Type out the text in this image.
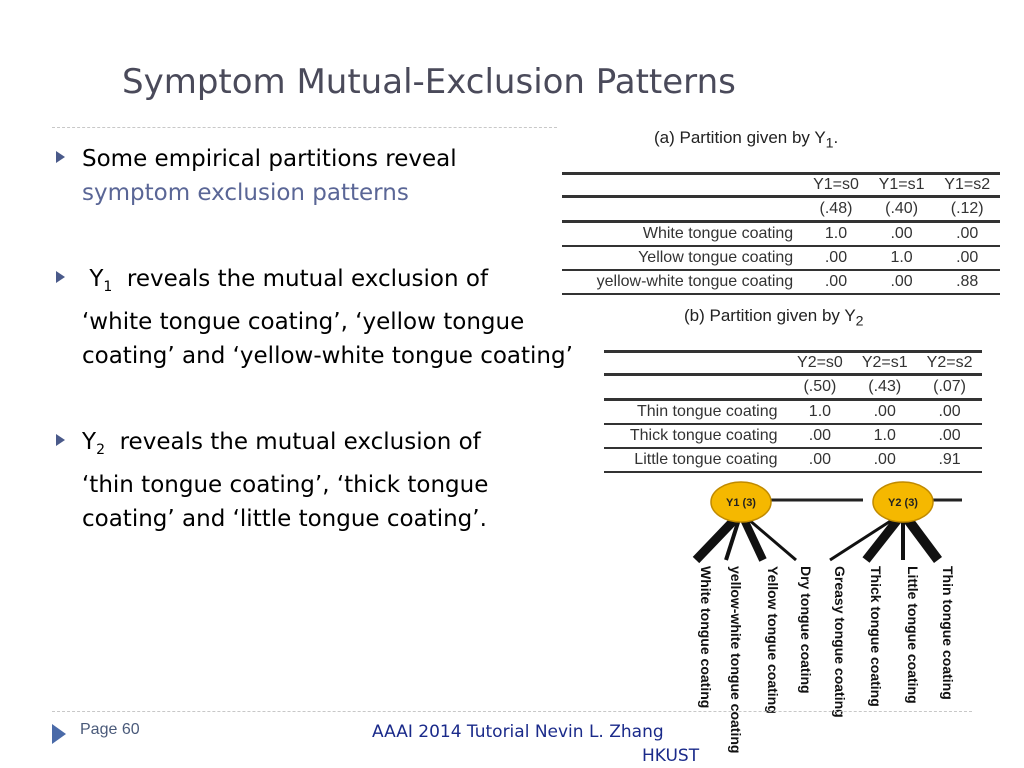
Symptom Mutual-Exclusion Patterns
Some empirical partitions reveal
symptom exclusion patterns
$Y_1$ reveals the mutual exclusion of
‘white tongue coating’, ‘yellow tongue coating’ and ‘yellow-white tongue coating’
$Y_2$ reveals the mutual exclusion of
‘thin tongue coating’, ‘thick tongue coating’ and ‘little tongue coating’.
(a) Partition given by $Y_1$.
	Y1=s0	Y1=s1	Y1=s2
	(.48)	(.40)	(.12)
White tongue coating	1.0	.00	.00
Yellow tongue coating	.00	1.0	.00
yellow-white tongue coating	.00	.00	.88
(b) Partition given by $Y_2$
	Y2=s0	Y2=s1	Y2=s2
	(.50)	(.43)	(.07)
Thin tongue coating	1.0	.00	.00
Thick tongue coating	.00	1.0	.00
Little tongue coating	.00	.00	.91
White tongue coating yellow-white tongue coating Yellow tongue coating Dry tongue coating
Y1 (3)
Greasy tongue coating Thick tongue coating Little tongue coating Thin tongue coating
Y2 (3)
Page 60	AAAI 2014 Tutorial Nevin L. Zhang
HKUST
